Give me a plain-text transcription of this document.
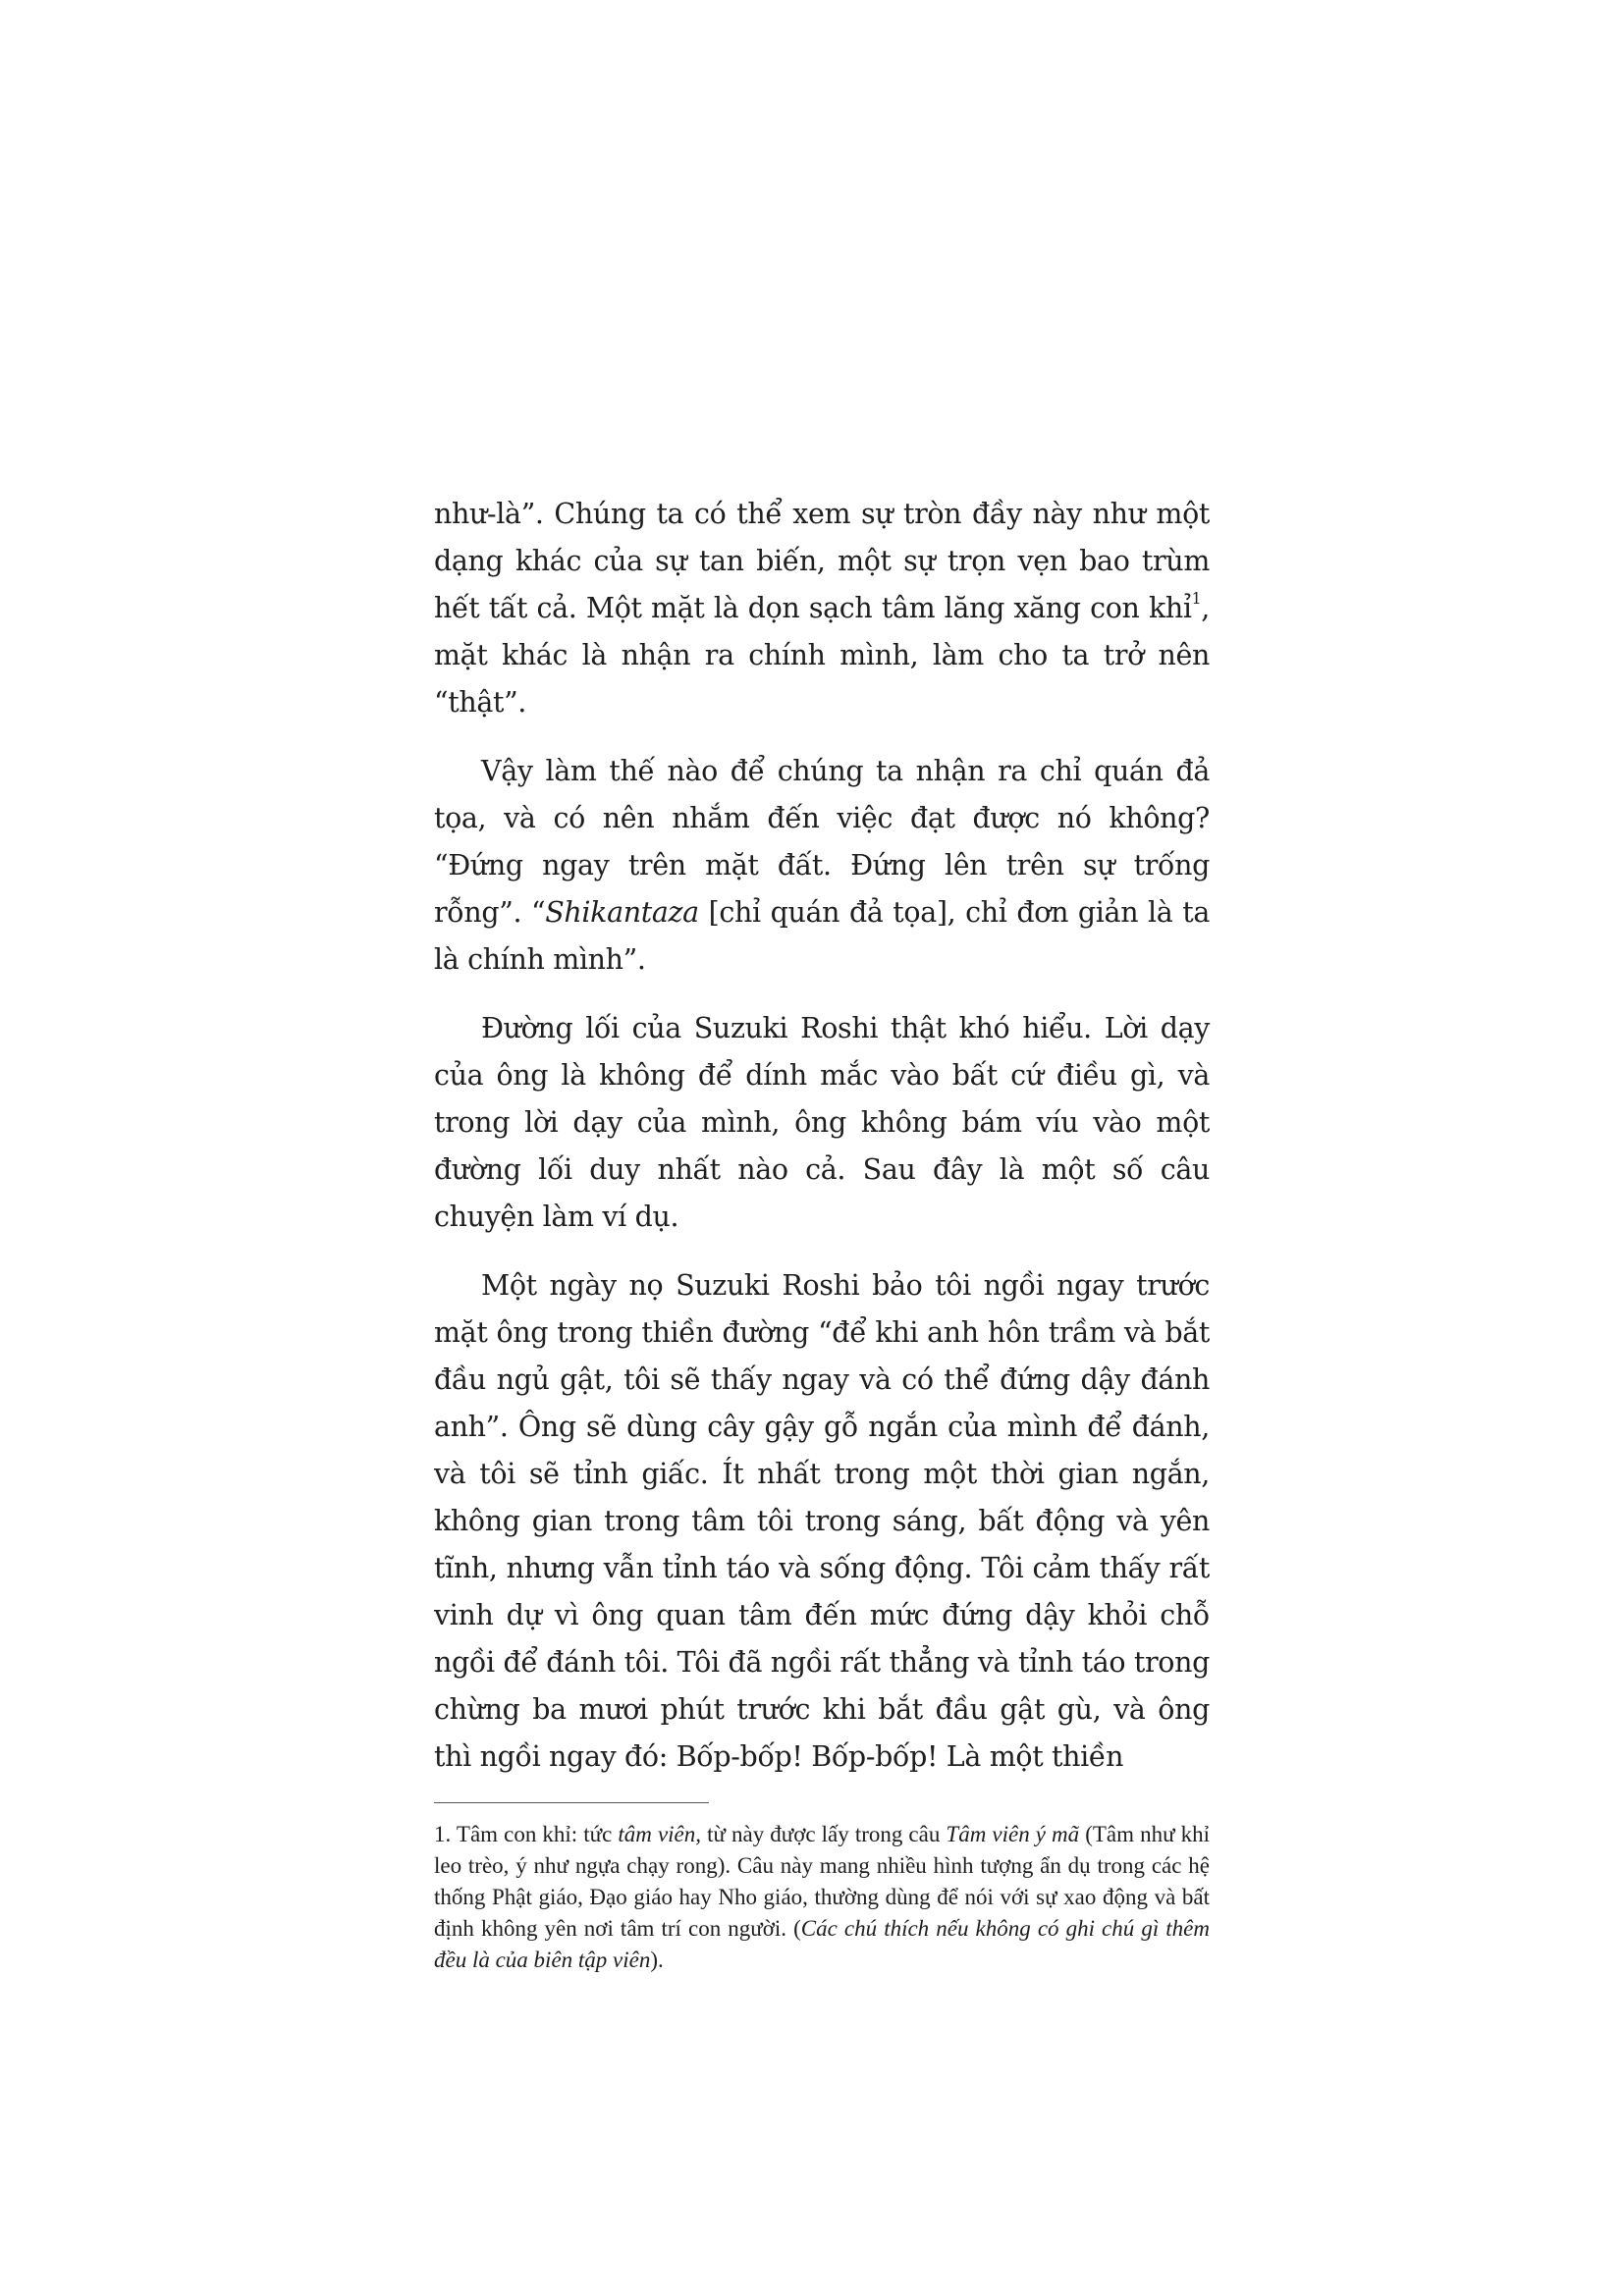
như-là”. Chúng ta có thể xem sự tròn đầy này như một dạng khác của sự tan biến, một sự trọn vẹn bao trùm hết tất cả. Một mặt là dọn sạch tâm lăng xăng con khỉ$^1$, mặt khác là nhận ra chính mình, làm cho ta trở nên “thật”.

Vậy làm thế nào để chúng ta nhận ra chỉ quán đả tọa, và có nên nhắm đến việc đạt được nó không? “Đứng ngay trên mặt đất. Đứng lên trên sự trống rỗng”. “Shikantaza [chỉ quán đả tọa], chỉ đơn giản là ta là chính mình”.

Đường lối của Suzuki Roshi thật khó hiểu. Lời dạy của ông là không để dính mắc vào bất cứ điều gì, và trong lời dạy của mình, ông không bám víu vào một đường lối duy nhất nào cả. Sau đây là một số câu chuyện làm ví dụ.

Một ngày nọ Suzuki Roshi bảo tôi ngồi ngay trước mặt ông trong thiền đường “để khi anh hôn trầm và bắt đầu ngủ gật, tôi sẽ thấy ngay và có thể đứng dậy đánh anh”. Ông sẽ dùng cây gậy gỗ ngắn của mình để đánh, và tôi sẽ tỉnh giấc. Ít nhất trong một thời gian ngắn, không gian trong tâm tôi trong sáng, bất động và yên tĩnh, nhưng vẫn tỉnh táo và sống động. Tôi cảm thấy rất vinh dự vì ông quan tâm đến mức đứng dậy khỏi chỗ ngồi để đánh tôi. Tôi đã ngồi rất thẳng và tỉnh táo trong chừng ba mươi phút trước khi bắt đầu gật gù, và ông thì ngồi ngay đó: Bốp-bốp! Bốp-bốp! Là một thiền

1. Tâm con khỉ: tức tâm viên, từ này được lấy trong câu Tâm viên ý mã (Tâm như khỉ leo trèo, ý như ngựa chạy rong). Câu này mang nhiều hình tượng ẩn dụ trong các hệ thống Phật giáo, Đạo giáo hay Nho giáo, thường dùng để nói với sự xao động và bất định không yên nơi tâm trí con người. (Các chú thích nếu không có ghi chú gì thêm đều là của biên tập viên).
